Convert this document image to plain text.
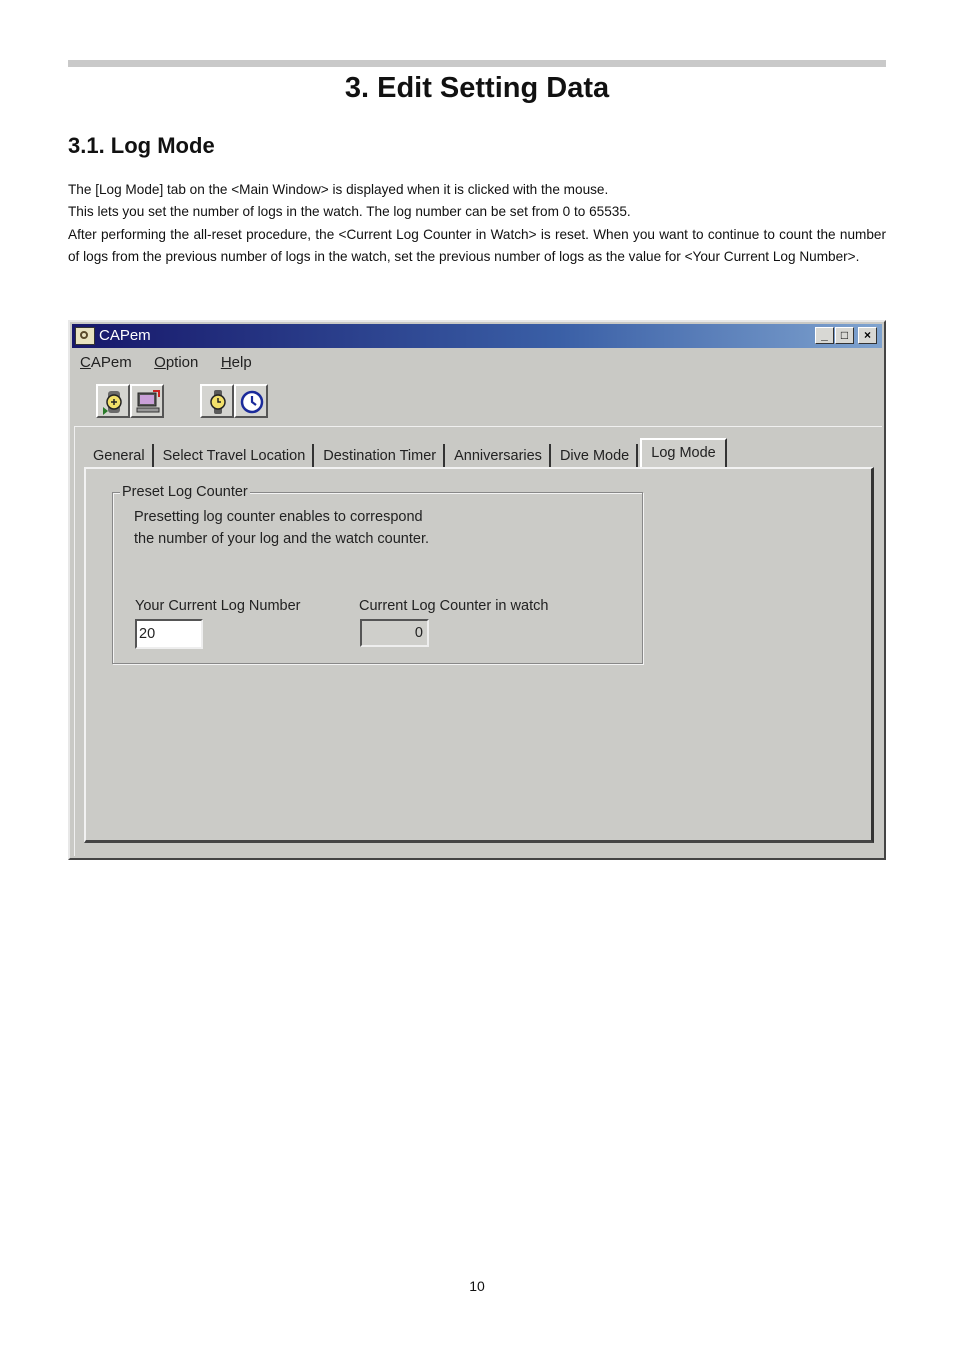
3. Edit Setting Data
3.1. Log Mode

The [Log Mode] tab on the <Main Window> is displayed when it is clicked with the mouse.

This lets you set the number of logs in the watch. The log number can be set from 0 to 65535.

After performing the all-reset procedure, the <Current Log Counter in Watch> is reset. When you want to continue to count the number of logs from the previous number of logs in the watch, set the previous number of logs as the value for <Your Current Log Number>.

CAPem	_	□	×
CAPem Option Help
General Select Travel Location Destination Timer Anniversaries Dive Mode Log Mode
Preset Log Counter
Presetting log counter enables to correspond
the number of your log and the watch counter.
Your Current Log Number	Current Log Counter in watch
20
0
10
